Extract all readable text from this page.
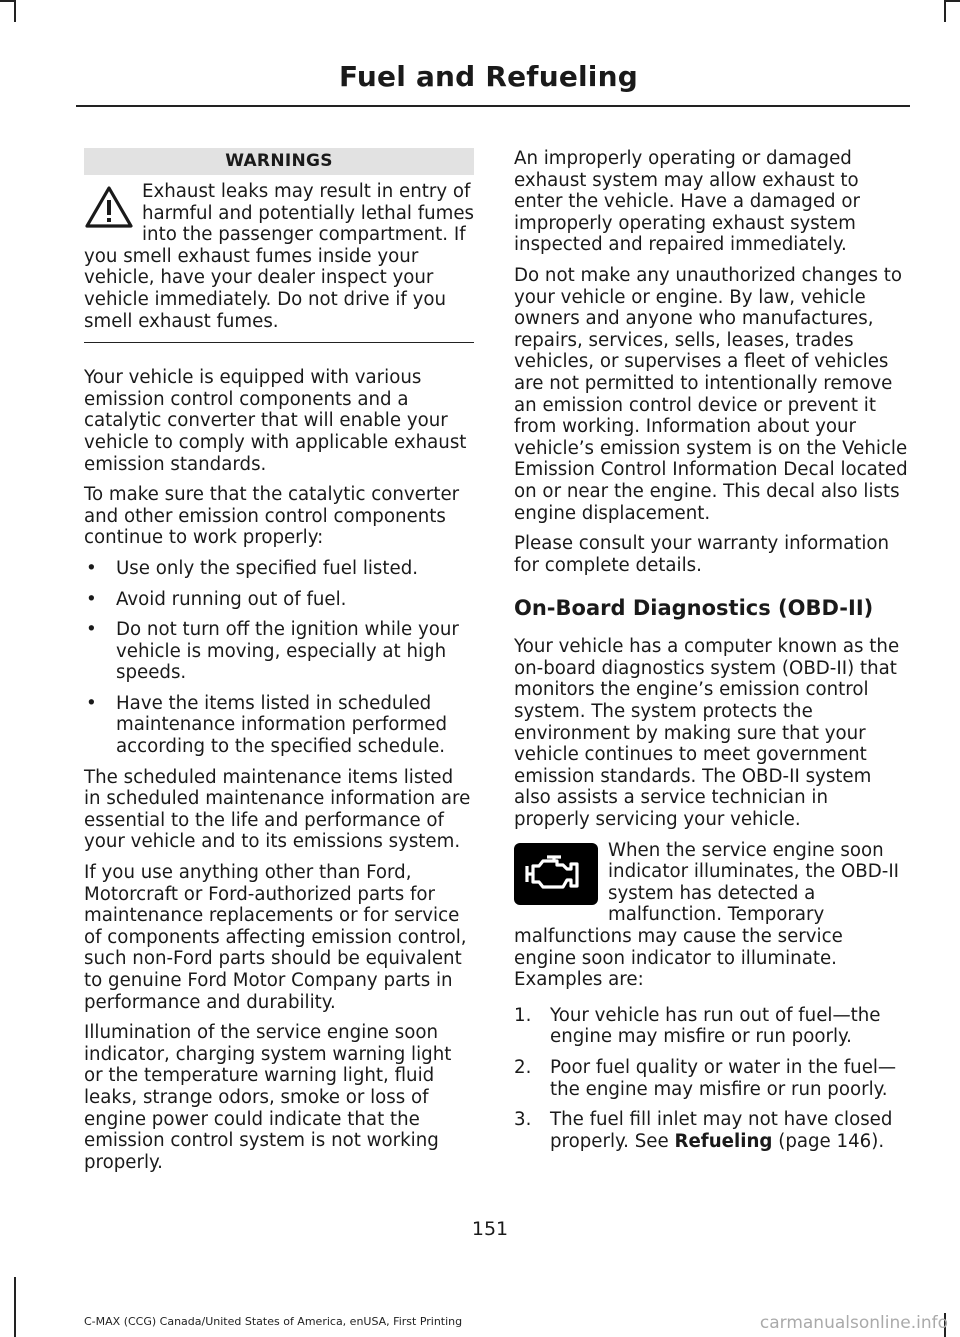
Fuel and Refueling
WARNINGS

Exhaust leaks may result in entry of harmful and potentially lethal fumes into the passenger compartment. If you smell exhaust fumes inside your vehicle, have your dealer inspect your vehicle immediately. Do not drive if you smell exhaust fumes.

Your vehicle is equipped with various emission control components and a catalytic converter that will enable your vehicle to comply with applicable exhaust emission standards.

To make sure that the catalytic converter and other emission control components continue to work properly:

• Use only the specified fuel listed.
• Avoid running out of fuel.
• Do not turn off the ignition while your vehicle is moving, especially at high speeds.
• Have the items listed in scheduled maintenance information performed according to the specified schedule.

The scheduled maintenance items listed in scheduled maintenance information are essential to the life and performance of your vehicle and to its emissions system.

If you use anything other than Ford, Motorcraft or Ford-authorized parts for maintenance replacements or for service of components affecting emission control, such non-Ford parts should be equivalent to genuine Ford Motor Company parts in performance and durability.

Illumination of the service engine soon indicator, charging system warning light or the temperature warning light, fluid leaks, strange odors, smoke or loss of engine power could indicate that the emission control system is not working properly.

An improperly operating or damaged exhaust system may allow exhaust to enter the vehicle. Have a damaged or improperly operating exhaust system inspected and repaired immediately.

Do not make any unauthorized changes to your vehicle or engine. By law, vehicle owners and anyone who manufactures, repairs, services, sells, leases, trades vehicles, or supervises a fleet of vehicles are not permitted to intentionally remove an emission control device or prevent it from working. Information about your vehicle’s emission system is on the Vehicle Emission Control Information Decal located on or near the engine. This decal also lists engine displacement.

Please consult your warranty information for complete details.

On-Board Diagnostics (OBD-II)

Your vehicle has a computer known as the on-board diagnostics system (OBD-II) that monitors the engine’s emission control system. The system protects the environment by making sure that your vehicle continues to meet government emission standards. The OBD-II system also assists a service technician in properly servicing your vehicle.

When the service engine soon indicator illuminates, the OBD-II system has detected a malfunction. Temporary malfunctions may cause the service engine soon indicator to illuminate. Examples are:

1. Your vehicle has run out of fuel—the engine may misfire or run poorly.
2. Poor fuel quality or water in the fuel—the engine may misfire or run poorly.
3. The fuel fill inlet may not have closed properly. See Refueling (page 146).
151
C-MAX (CCG) Canada/United States of America, enUSA, First Printing	carmanualsonline.info
